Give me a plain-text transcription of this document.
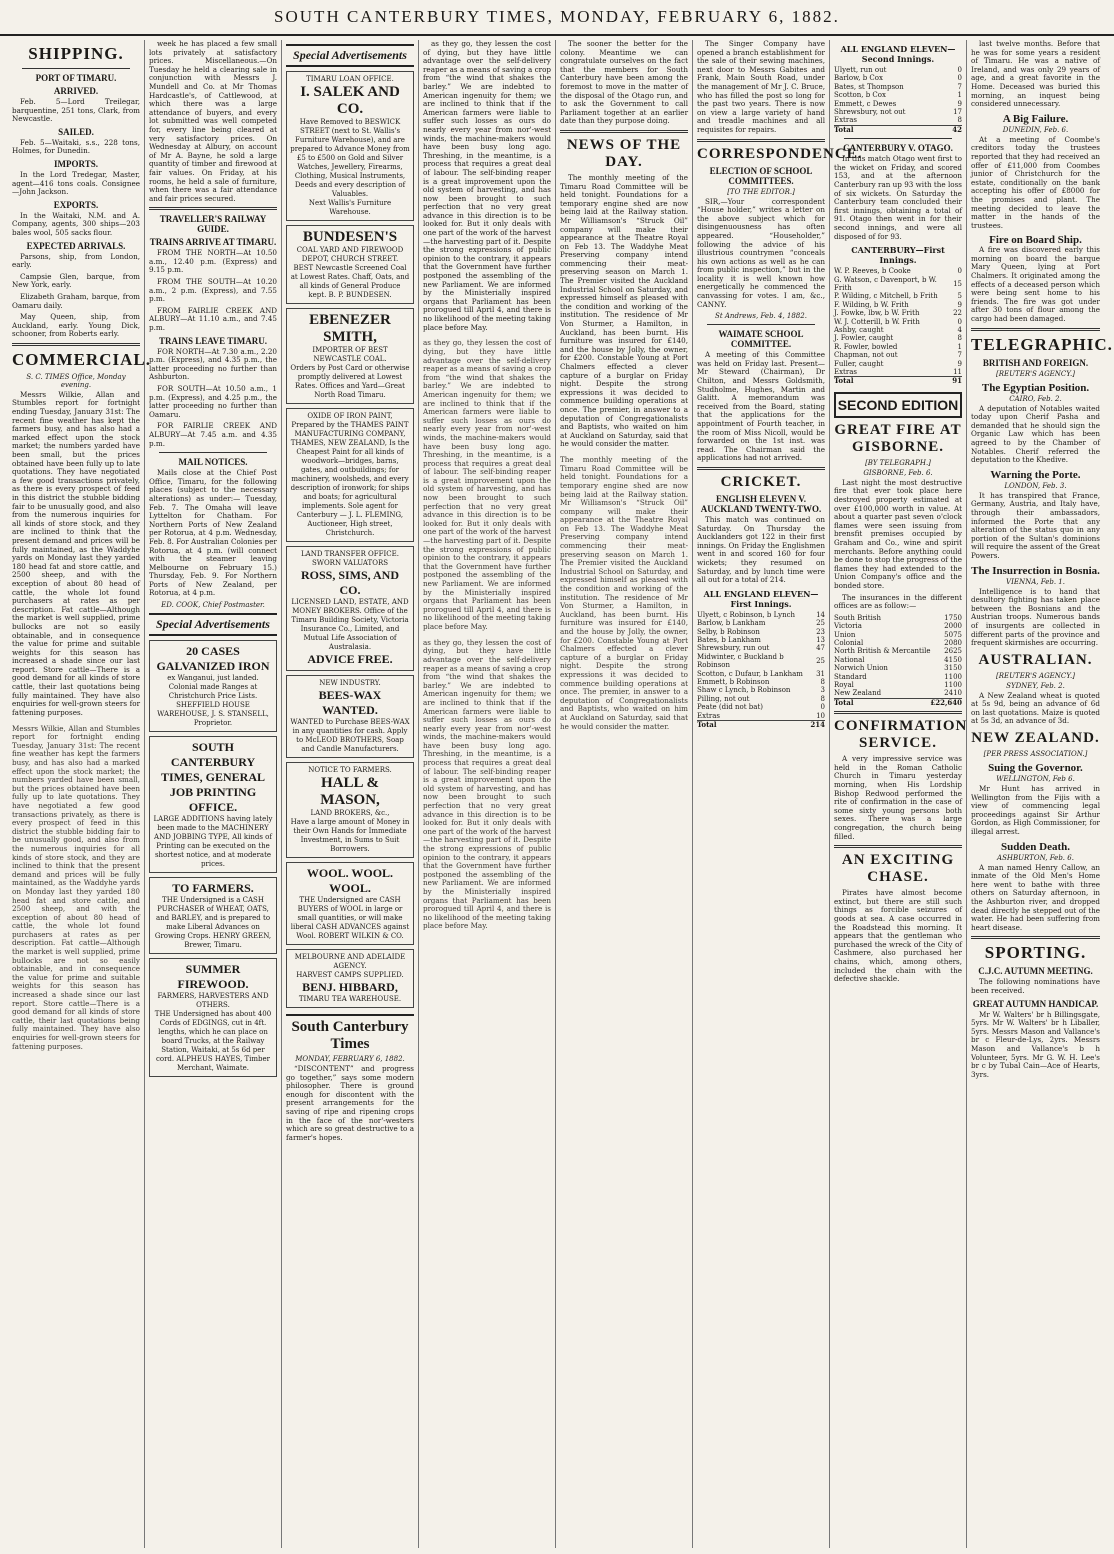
SOUTH CANTERBURY TIMES, MONDAY, FEBRUARY 6, 1882.
SHIPPING.
PORT OF TIMARU.
ARRIVED.

Feb. 5—Lord Treilegar, barquentine, 251 tons, Clark, from Newcastle.

SAILED.

Feb. 5—Waitaki, s.s., 228 tons, Holmes, for Dunedin.

IMPORTS.

In the Lord Tredegar, Master, agent—416 tons coals. Consignee—John Jackson.

EXPORTS.

In the Waitaki, N.M. and A. Company, agents, 300 ships—203 bales wool, 505 sacks flour.

EXPECTED ARRIVALS.

Parsons, ship, from London, early.

Campsie Glen, barque, from New York, early.

Elizabeth Graham, barque, from Oamaru daily.

May Queen, ship, from Auckland, early. Young Dick, schooner, from Roberts early.

COMMERCIAL.
S. C. TIMES Office, Monday evening.

Messrs Wilkie, Allan and Stumbles report for fortnight ending Tuesday, January 31st: The recent fine weather has kept the farmers busy, and has also had a marked effect upon the stock market; the numbers yarded have been small, but the prices obtained have been fully up to late quotations. They have negotiated a few good transactions privately, as there is every prospect of feed in this district the stubble bidding fair to be unusually good, and also from the numerous inquiries for all kinds of store stock, and they are inclined to think that the present demand and prices will be fully maintained, as the Waddyhe yards on Monday last they yarded 180 head fat and store cattle, and 2500 sheep, and with the exception of about 80 head of cattle, the whole lot found purchasers at rates as per description. Fat cattle—Although the market is well supplied, prime bullocks are not so easily obtainable, and in consequence the value for prime and suitable weights for this season has increased a shade since our last report. Store cattle—There is a good demand for all kinds of store cattle, their last quotations being fully maintained. They have also enquiries for well-grown steers for fattening purposes.

Messrs Wilkie, Allan and Stumbles report for fortnight ending Tuesday, January 31st: The recent fine weather has kept the farmers busy, and has also had a marked effect upon the stock market; the numbers yarded have been small, but the prices obtained have been fully up to late quotations. They have negotiated a few good transactions privately, as there is every prospect of feed in this district the stubble bidding fair to be unusually good, and also from the numerous inquiries for all kinds of store stock, and they are inclined to think that the present demand and prices will be fully maintained, as the Waddyhe yards on Monday last they yarded 180 head fat and store cattle, and 2500 sheep, and with the exception of about 80 head of cattle, the whole lot found purchasers at rates as per description. Fat cattle—Although the market is well supplied, prime bullocks are not so easily obtainable, and in consequence the value for prime and suitable weights for this season has increased a shade since our last report. Store cattle—There is a good demand for all kinds of store cattle, their last quotations being fully maintained. They have also enquiries for well-grown steers for fattening purposes.

week he has placed a few small lots privately at satisfactory prices. Miscellaneous.—On Tuesday he held a clearing sale in conjunction with Messrs J. Mundell and Co. at Mr Thomas Hardcastle's, of Cattlewood, at which there was a large attendance of buyers, and every lot submitted was well competed for, every line being cleared at very satisfactory prices. On Wednesday at Albury, on account of Mr A. Bayne, he sold a large quantity of timber and firewood at fair values. On Friday, at his rooms, he held a sale of furniture, when there was a fair attendance and fair prices secured.

TRAVELLER'S RAILWAY GUIDE.
TRAINS ARRIVE AT TIMARU.

FROM THE NORTH—At 10.50 a.m., 12.40 p.m. (Express) and 9.15 p.m.

FROM THE SOUTH—At 10.20 a.m., 2 p.m. (Express), and 7.55 p.m.

FROM FAIRLIE CREEK AND ALBURY—At 11.10 a.m., and 7.45 p.m.

TRAINS LEAVE TIMARU.

FOR NORTH—At 7.30 a.m., 2.20 p.m. (Express), and 4.35 p.m., the latter proceeding no further than Ashburton.

FOR SOUTH—At 10.50 a.m., 1 p.m. (Express), and 4.25 p.m., the latter proceeding no further than Oamaru.

FOR FAIRLIE CREEK AND ALBURY—At 7.45 a.m. and 4.35 p.m.

MAIL NOTICES.

Mails close at the Chief Post Office, Timaru, for the following places (subject to the necessary alterations) as under:— Tuesday, Feb. 7. The Omaha will leave Lyttelton for Chatham. For Northern Ports of New Zealand per Rotorua, at 4 p.m. Wednesday, Feb. 8. For Australian Colonies per Rotorua, at 4 p.m. (will connect with the steamer leaving Melbourne on February 15.) Thursday, Feb. 9. For Northern Ports of New Zealand, per Rotorua, at 4 p.m.

ED. COOK, Chief Postmaster.
Special Advertisements
20 CASES GALVANIZED IRON
ex Wanganui, just landed. Colonial made Ranges at Christchurch Price Lists. SHEFFIELD HOUSE WAREHOUSE, J. S. STANSELL, Proprietor.
SOUTH CANTERBURY TIMES, GENERAL JOB PRINTING OFFICE.
LARGE ADDITIONS having lately been made to the MACHINERY AND JOBBING TYPE, All kinds of Printing can be executed on the shortest notice, and at moderate prices.
TO FARMERS.
THE Undersigned is a CASH PURCHASER of WHEAT, OATS, and BARLEY, and is prepared to make Liberal Advances on Growing Crops. HENRY GREEN, Brewer, Timaru.
SUMMER FIREWOOD.
FARMERS, HARVESTERS AND OTHERS.
THE Undersigned has about 400 Cords of EDGINGS, cut in 4ft. lengths, which he can place on board Trucks, at the Railway Station, Waitaki, at 5s 6d per cord. ALPHEUS HAYES, Timber Merchant, Waimate.
Special Advertisements
TIMARU LOAN OFFICE.
I. SALEK AND CO.
Have Removed to BESWICK STREET (next to St. Wallis's Furniture Warehouse), and are prepared to Advance Money from £5 to £500 on Gold and Silver Watches, Jewellery, Firearms, Clothing, Musical Instruments, Deeds and every description of Valuables.
Next Wallis's Furniture Warehouse.
BUNDESEN'S
COAL YARD AND FIREWOOD DEPOT, CHURCH STREET.
BEST Newcastle Screened Coal at Lowest Rates. Chaff, Oats, and all kinds of General Produce kept. B. P. BUNDESEN.
EBENEZER SMITH,
IMPORTER OF BEST NEWCASTLE COAL.
Orders by Post Card or otherwise promptly delivered at Lowest Rates. Offices and Yard—Great North Road Timaru.
OXIDE OF IRON PAINT, Prepared by the THAMES PAINT MANUFACTURING COMPANY, THAMES, NEW ZEALAND, Is the Cheapest Paint for all kinds of woodwork—bridges, barns, gates, and outbuildings; for machinery, woolsheds, and every description of ironwork; for ships and boats; for agricultural implements. Sole agent for Canterbury — J. L. FLEMING, Auctioneer, High street, Christchurch.
LAND TRANSFER OFFICE.
SWORN VALUATORS
ROSS, SIMS, AND CO.
LICENSED LAND, ESTATE, AND MONEY BROKERS. Office of the Timaru Building Society, Victoria Insurance Co., Limited, and Mutual Life Association of Australasia.
ADVICE FREE.
NEW INDUSTRY.
BEES-WAX WANTED.
WANTED to Purchase BEES-WAX in any quantities for cash. Apply to McLEOD BROTHERS, Soap and Candle Manufacturers.
NOTICE TO FARMERS.
HALL & MASON,
LAND BROKERS, &c.,
Have a large amount of Money in their Own Hands for Immediate Investment, in Sums to Suit Borrowers.
WOOL. WOOL. WOOL.
THE Undersigned are CASH BUYERS of WOOL in large or small quantities, or will make liberal CASH ADVANCES against Wool. ROBERT WILKIN & CO.
MELBOURNE AND ADELAIDE AGENCY.
HARVEST CAMPS SUPPLIED.
BENJ. HIBBARD,
TIMARU TEA WAREHOUSE.
South Canterbury Times
MONDAY, FEBRUARY 6, 1882.

“DISCONTENT” and progress go together,” says some modern philosopher. There is ground enough for discontent with the present arrangements for the saving of ripe and ripening crops in the face of the nor'-westers which are so great destructive to a farmer's hopes.

as they go, they lessen the cost of dying, but they have little advantage over the self-delivery reaper as a means of saving a crop from “the wind that shakes the barley.” We are indebted to American ingenuity for them; we are inclined to think that if the American farmers were liable to suffer such losses as ours do nearly every year from nor'-west winds, the machine-makers would have been busy long ago. Threshing, in the meantime, is a process that requires a great deal of labour. The self-binding reaper is a great improvement upon the old system of harvesting, and has now been brought to such perfection that no very great advance in this direction is to be looked for. But it only deals with one part of the work of the harvest—the harvesting part of it. Despite the strong expressions of public opinion to the contrary, it appears that the Government have further postponed the assembling of the new Parliament. We are informed by the Ministerially inspired organs that Parliament has been prorogued till April 4, and there is no likelihood of the meeting taking place before May.

as they go, they lessen the cost of dying, but they have little advantage over the self-delivery reaper as a means of saving a crop from “the wind that shakes the barley.” We are indebted to American ingenuity for them; we are inclined to think that if the American farmers were liable to suffer such losses as ours do nearly every year from nor'-west winds, the machine-makers would have been busy long ago. Threshing, in the meantime, is a process that requires a great deal of labour. The self-binding reaper is a great improvement upon the old system of harvesting, and has now been brought to such perfection that no very great advance in this direction is to be looked for. But it only deals with one part of the work of the harvest—the harvesting part of it. Despite the strong expressions of public opinion to the contrary, it appears that the Government have further postponed the assembling of the new Parliament. We are informed by the Ministerially inspired organs that Parliament has been prorogued till April 4, and there is no likelihood of the meeting taking place before May.

as they go, they lessen the cost of dying, but they have little advantage over the self-delivery reaper as a means of saving a crop from “the wind that shakes the barley.” We are indebted to American ingenuity for them; we are inclined to think that if the American farmers were liable to suffer such losses as ours do nearly every year from nor'-west winds, the machine-makers would have been busy long ago. Threshing, in the meantime, is a process that requires a great deal of labour. The self-binding reaper is a great improvement upon the old system of harvesting, and has now been brought to such perfection that no very great advance in this direction is to be looked for. But it only deals with one part of the work of the harvest—the harvesting part of it. Despite the strong expressions of public opinion to the contrary, it appears that the Government have further postponed the assembling of the new Parliament. We are informed by the Ministerially inspired organs that Parliament has been prorogued till April 4, and there is no likelihood of the meeting taking place before May.

The sooner the better for the colony. Meantime we can congratulate ourselves on the fact that the members for South Canterbury have been among the foremost to move in the matter of the disposal of the Otago run, and to ask the Government to call Parliament together at an earlier date than they purpose doing.

NEWS OF THE DAY.

The monthly meeting of the Timaru Road Committee will be held tonight. Foundations for a temporary engine shed are now being laid at the Railway station. Mr Williamson's “Struck Oil” company will make their appearance at the Theatre Royal on Feb 13. The Waddyhe Meat Preserving company intend commencing their meat-preserving season on March 1. The Premier visited the Auckland Industrial School on Saturday, and expressed himself as pleased with the condition and working of the institution. The residence of Mr Von Sturmer, a Hamilton, in Auckland, has been burnt. His furniture was insured for £140, and the house by Jolly, the owner, for £200. Constable Young at Port Chalmers effected a clever capture of a burglar on Friday night. Despite the strong expressions it was decided to commence building operations at once. The premier, in answer to a deputation of Congregationalists and Baptists, who waited on him at Auckland on Saturday, said that he would consider the matter.

The monthly meeting of the Timaru Road Committee will be held tonight. Foundations for a temporary engine shed are now being laid at the Railway station. Mr Williamson's “Struck Oil” company will make their appearance at the Theatre Royal on Feb 13. The Waddyhe Meat Preserving company intend commencing their meat-preserving season on March 1. The Premier visited the Auckland Industrial School on Saturday, and expressed himself as pleased with the condition and working of the institution. The residence of Mr Von Sturmer, a Hamilton, in Auckland, has been burnt. His furniture was insured for £140, and the house by Jolly, the owner, for £200. Constable Young at Port Chalmers effected a clever capture of a burglar on Friday night. Despite the strong expressions it was decided to commence building operations at once. The premier, in answer to a deputation of Congregationalists and Baptists, who waited on him at Auckland on Saturday, said that he would consider the matter.

The Singer Company have opened a branch establishment for the sale of their sewing machines, next door to Messrs Gabites and Frank, Main South Road, under the management of Mr J. C. Bruce, who has filled the post so long for the past two years. There is now on view a large variety of hand and treadle machines and all requisites for repairs.

CORRESPONDENCE.
ELECTION OF SCHOOL COMMITTEES.
[TO THE EDITOR.]

SIR,—Your correspondent “House holder,” writes a letter on the above subject which for disingenuousness has often appeared. “Householder,” following the advice of his illustrious countrymen “conceals his own actions as well as he can from public inspection,” but in the locality it is well known how energetically he commenced the canvassing for votes. I am, &c., CANNY.

St Andrews, Feb. 4, 1882.
WAIMATE SCHOOL COMMITTEE.

A meeting of this Committee was held on Friday last. Present—Mr Steward (Chairman), Dr Chilton, and Messrs Goldsmith, Studholme, Hughes, Martin and Galitt. A memorandum was received from the Board, stating that the applications for the appointment of Fourth teacher, in the room of Miss Nicoll, would be forwarded on the 1st inst. was read. The Chairman said the applications had not arrived.

CRICKET.
ENGLISH ELEVEN V. AUCKLAND TWENTY-TWO.

This match was continued on Saturday. On Thursday the Aucklanders got 122 in their first innings. On Friday the Englishmen went in and scored 160 for four wickets; they resumed on Saturday, and by lunch time were all out for a total of 214.

ALL ENGLAND ELEVEN—First Innings.
Ulyett, c Robinson, b Lynch	14
Barlow, b Lankham	25
Selby, b Robinson	23
Bates, b Lankham	13
Shrewsbury, run out	47
Midwinter, c Buckland b Robinson	25
Scotton, c Dufaur, b Lankham	31
Emmett, b Robinson	8
Shaw c Lynch, b Robinson	3
Pilling, not out	8
Peate (did not bat)	0
Extras	10
Total	214
ALL ENGLAND ELEVEN—Second Innings.
Ulyett, run out	0
Barlow, b Cox	0
Bates, st Thompson	7
Scotton, b Cox	1
Emmett, c Dewes	9
Shrewsbury, not out	17
Extras	8
Total	42
CANTERBURY V. OTAGO.

In this match Otago went first to the wicket on Friday, and scored 153, and at the afternoon Canterbury ran up 93 with the loss of six wickets. On Saturday the Canterbury team concluded their first innings, obtaining a total of 91. Otago then went in for their second innings, and were all disposed of for 93.

CANTERBURY—First Innings.
W. P. Reeves, b Cooke	0
G. Watson, c Davenport, b W. Frith	15
P. Wilding, c Mitchell, b Frith	5
F. Wilding, b W. Frith	9
J. Fowke, lbw, b W. Frith	22
W. J. Cotterill, b W. Frith	0
Ashby, caught	4
J. Fowler, caught	8
R. Fowler, bowled	1
Chapman, not out	7
Fuller, caught	9
Extras	11
Total	91
SECOND EDITION
GREAT FIRE AT GISBORNE.
[BY TELEGRAPH.]
GISBORNE, Feb. 6.

Last night the most destructive fire that ever took place here destroyed property estimated at over £100,000 worth in value. At about a quarter past seven o'clock flames were seen issuing from brensfit premises occupied by Graham and Co., wine and spirit merchants. Before anything could be done to stop the progress of the flames they had extended to the Union Company's office and the bonded store.

The insurances in the different offices are as follow:—

South British	1750
Victoria	2000
Union	5075
Colonial	2080
North British & Mercantile 2625
National	4150
Norwich Union	3150
Standard	1100
Royal	1100
New Zealand	2410
Total	£22,640
CONFIRMATION SERVICE.

A very impressive service was held in the Roman Catholic Church in Timaru yesterday morning, when His Lordship Bishop Redwood performed the rite of confirmation in the case of some sixty young persons both sexes. There was a large congregation, the church being filled.

AN EXCITING CHASE.

Pirates have almost become extinct, but there are still such things as forcible seizures of goods at sea. A case occurred in the Roadstead this morning. It appears that the gentleman who purchased the wreck of the City of Cashmere, also purchased her chains, which, among others, included the chain with the defective shackle.

last twelve months. Before that he was for some years a resident of Timaru. He was a native of Ireland, and was only 29 years of age, and a great favorite in the Home. Deceased was buried this morning, an inquest being considered unnecessary.

A Big Failure.
DUNEDIN, Feb. 6.

At a meeting of Coombe's creditors today the trustees reported that they had received an offer of £11,000 from Coombes junior of Christchurch for the estate, conditionally on the bank accepting his offer of £8000 for the promises and plant. The meeting decided to leave the matter in the hands of the trustees.

Fire on Board Ship.

A fire was discovered early this morning on board the barque Mary Queen, lying at Port Chalmers. It originated among the effects of a deceased person which were being sent home to his friends. The fire was got under after 30 tons of flour among the cargo had been damaged.

TELEGRAPHIC.
BRITISH AND FOREIGN.
[REUTER'S AGENCY.]
The Egyptian Position.
CAIRO, Feb. 2.

A deputation of Notables waited today upon Cherif Pasha and demanded that he should sign the Organic Law which has been agreed to by the Chamber of Notables. Cherif referred the deputation to the Khedive.

Warning the Porte.
LONDON, Feb. 3.

It has transpired that France, Germany, Austria, and Italy have, through their ambassadors, informed the Porte that any alteration of the status quo in any portion of the Sultan's dominions will require the assent of the Great Powers.

The Insurrection in Bosnia.
VIENNA, Feb. 1.

Intelligence is to hand that desultory fighting has taken place between the Bosnians and the Austrian troops. Numerous bands of insurgents are collected in different parts of the province and frequent skirmishes are occurring.

AUSTRALIAN.
[REUTER'S AGENCY.]
SYDNEY, Feb. 2.

A New Zealand wheat is quoted at 5s 9d, being an advance of 6d on last quotations. Maize is quoted at 5s 3d, an advance of 3d.

NEW ZEALAND.
[PER PRESS ASSOCIATION.]
Suing the Governor.
WELLINGTON, Feb 6.

Mr Hunt has arrived in Wellington from the Fijis with a view of commencing legal proceedings against Sir Arthur Gordon, as High Commissioner, for illegal arrest.

Sudden Death.
ASHBURTON, Feb. 6.

A man named Henry Callow, an inmate of the Old Men's Home here went to bathe with three others on Saturday afternoon, in the Ashburton river, and dropped dead directly he stepped out of the water. He had been suffering from heart disease.

SPORTING.
C.J.C. AUTUMN MEETING.

The following nominations have been received.

GREAT AUTUMN HANDICAP.

Mr W. Walters' br h Billingsgate, 5yrs. Mr W. Walters' br h Liballer, 5yrs. Messrs Mason and Vallance's br c Fleur-de-Lys, 2yrs. Messrs Mason and Vallance's b h Volunteer, 5yrs. Mr G. W. H. Lee's br c by Tubal Cain—Ace of Hearts, 3yrs.
